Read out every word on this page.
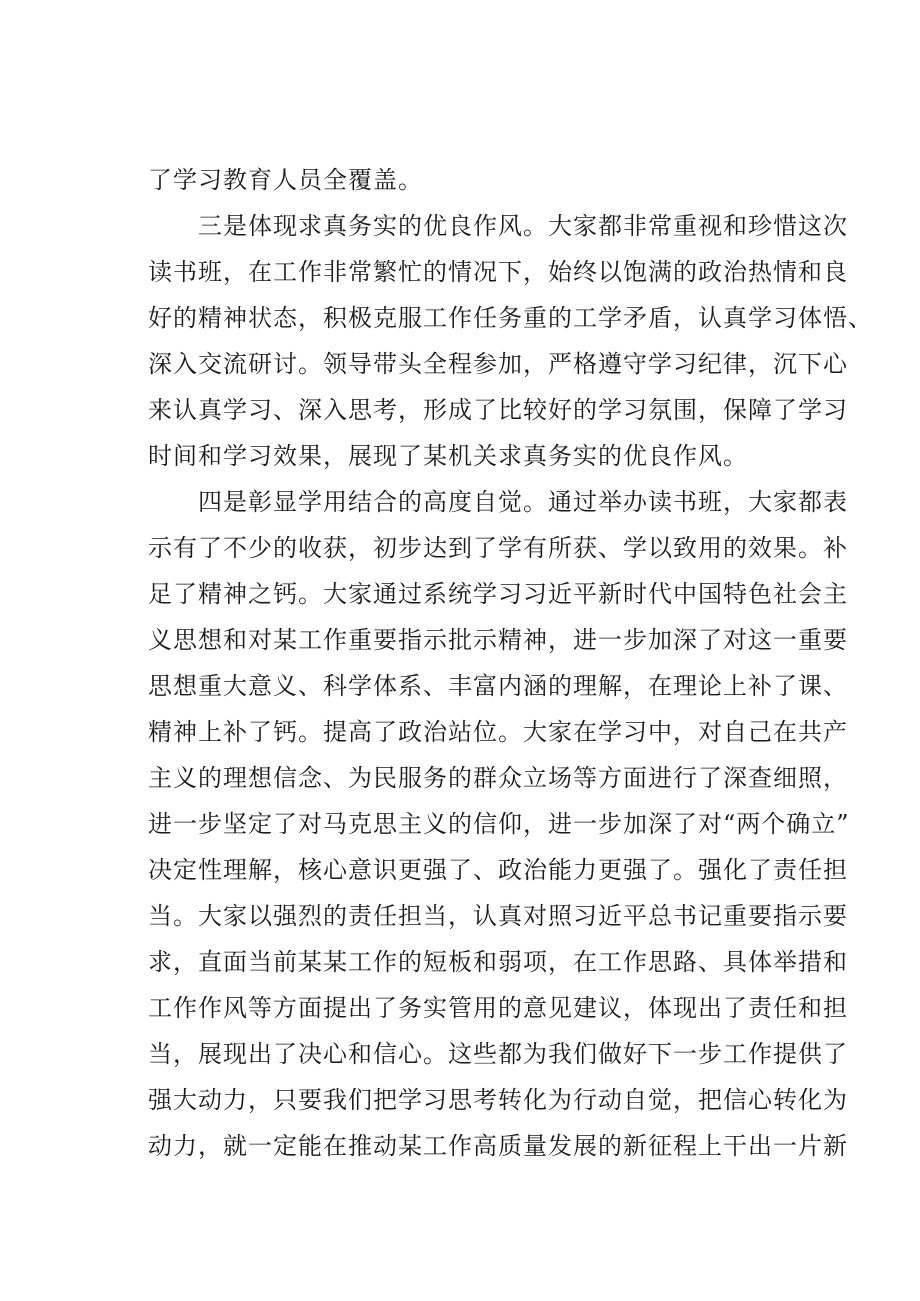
了学习教育人员全覆盖。
三是体现求真务实的优良作风。大家都非常重视和珍惜这次
读书班，在工作非常繁忙的情况下，始终以饱满的政治热情和良
好的精神状态，积极克服工作任务重的工学矛盾，认真学习体悟、
深入交流研讨。领导带头全程参加，严格遵守学习纪律，沉下心
来认真学习、深入思考，形成了比较好的学习氛围，保障了学习
时间和学习效果，展现了某机关求真务实的优良作风。
四是彰显学用结合的高度自觉。通过举办读书班，大家都表
示有了不少的收获，初步达到了学有所获、学以致用的效果。补
足了精神之钙。大家通过系统学习习近平新时代中国特色社会主
义思想和对某工作重要指示批示精神，进一步加深了对这一重要
思想重大意义、科学体系、丰富内涵的理解，在理论上补了课、
精神上补了钙。提高了政治站位。大家在学习中，对自己在共产
主义的理想信念、为民服务的群众立场等方面进行了深查细照，
进一步坚定了对马克思主义的信仰，进一步加深了对“两个确立”
决定性理解，核心意识更强了、政治能力更强了。强化了责任担
当。大家以强烈的责任担当，认真对照习近平总书记重要指示要
求，直面当前某某工作的短板和弱项，在工作思路、具体举措和
工作作风等方面提出了务实管用的意见建议，体现出了责任和担
当，展现出了决心和信心。这些都为我们做好下一步工作提供了
强大动力，只要我们把学习思考转化为行动自觉，把信心转化为
动力，就一定能在推动某工作高质量发展的新征程上干出一片新
